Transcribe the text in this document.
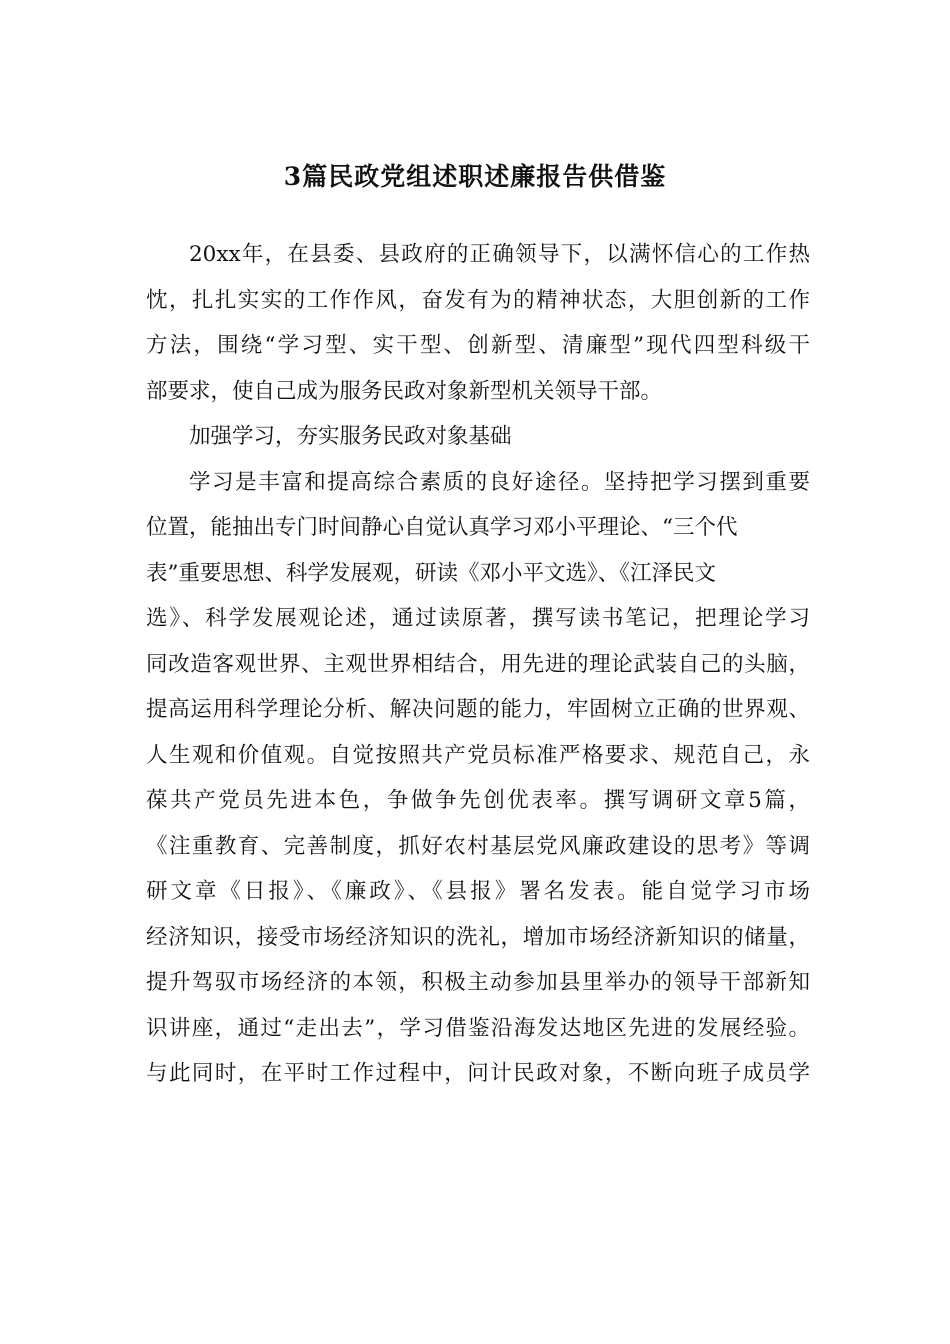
3篇民政党组述职述廉报告供借鉴
20xx年，在县委、县政府的正确领导下，以满怀信心的工作热
忱，扎扎实实的工作作风，奋发有为的精神状态，大胆创新的工作
方法，围绕“学习型、实干型、创新型、清廉型”现代四型科级干
部要求，使自己成为服务民政对象新型机关领导干部。
加强学习，夯实服务民政对象基础
学习是丰富和提高综合素质的良好途径。坚持把学习摆到重要
位置，能抽出专门时间静心自觉认真学习邓小平理论、“三个代
表”重要思想、科学发展观，研读《邓小平文选》、《江泽民文
选》、科学发展观论述，通过读原著，撰写读书笔记，把理论学习
同改造客观世界、主观世界相结合，用先进的理论武装自己的头脑，
提高运用科学理论分析、解决问题的能力，牢固树立正确的世界观、
人生观和价值观。自觉按照共产党员标准严格要求、规范自己，永
葆共产党员先进本色，争做争先创优表率。撰写调研文章5篇，
《注重教育、完善制度，抓好农村基层党风廉政建设的思考》等调
研文章《日报》、《廉政》、《县报》署名发表。能自觉学习市场
经济知识，接受市场经济知识的洗礼，增加市场经济新知识的储量，
提升驾驭市场经济的本领，积极主动参加县里举办的领导干部新知
识讲座，通过“走出去”，学习借鉴沿海发达地区先进的发展经验。
与此同时，在平时工作过程中，问计民政对象，不断向班子成员学
